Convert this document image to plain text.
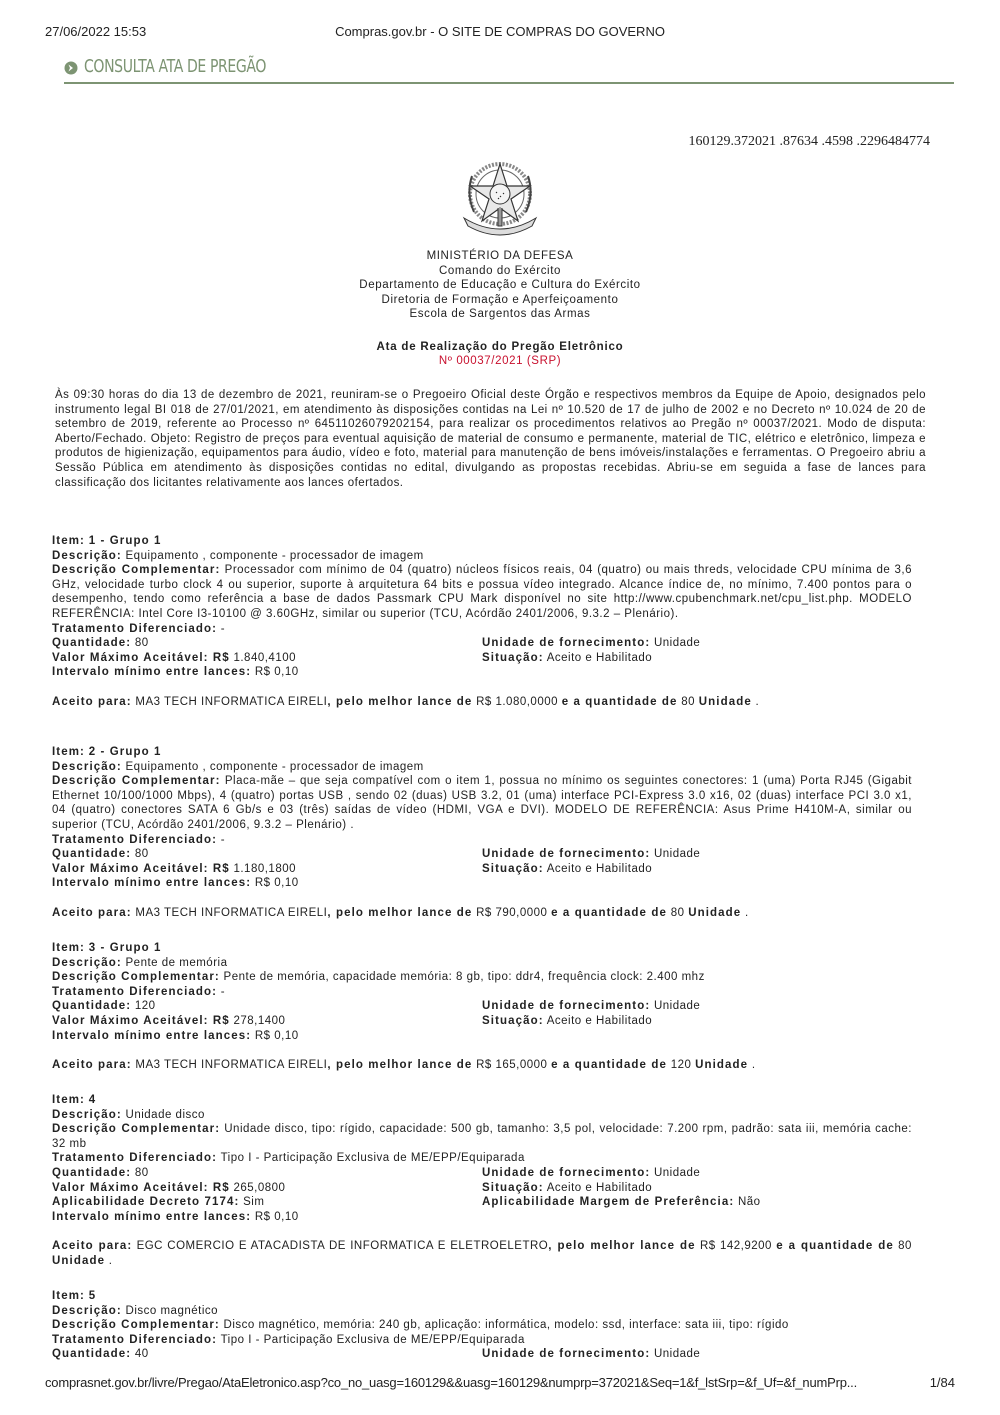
27/06/2022 15:53	Compras.gov.br - O SITE DE COMPRAS DO GOVERNO
CONSULTA ATA DE PREGÃO
160129.372021 .87634 .4598 .2296484774
MINISTÉRIO DA DEFESA
Comando do Exército
Departamento de Educação e Cultura do Exército
Diretoria de Formação e Aperfeiçoamento
Escola de Sargentos das Armas
Ata de Realização do Pregão Eletrônico
Nº 00037/2021 (SRP)
Às 09:30 horas do dia 13 de dezembro de 2021, reuniram-se o Pregoeiro Oficial deste Órgão e respectivos membros da Equipe de Apoio, designados pelo instrumento legal BI 018 de 27/01/2021, em atendimento às disposições contidas na Lei nº 10.520 de 17 de julho de 2002 e no Decreto nº 10.024 de 20 de setembro de 2019, referente ao Processo nº 64511026079202154, para realizar os procedimentos relativos ao Pregão nº 00037/2021. Modo de disputa: Aberto/Fechado. Objeto: Registro de preços para eventual aquisição de material de consumo e permanente, material de TIC, elétrico e eletrônico, limpeza e produtos de higienização, equipamentos para áudio, vídeo e foto, material para manutenção de bens imóveis/instalações e ferramentas. O Pregoeiro abriu a Sessão Pública em atendimento às disposições contidas no edital, divulgando as propostas recebidas. Abriu-se em seguida a fase de lances para classificação dos licitantes relativamente aos lances ofertados.
Item: 1 - Grupo 1
Descrição: Equipamento , componente - processador de imagem
Descrição Complementar: Processador com mínimo de 04 (quatro) núcleos físicos reais, 04 (quatro) ou mais threds, velocidade CPU mínima de 3,6 GHz, velocidade turbo clock 4 ou superior, suporte à arquitetura 64 bits e possua vídeo integrado. Alcance índice de, no mínimo, 7.400 pontos para o desempenho, tendo como referência a base de dados Passmark CPU Mark disponível no site http://www.cpubenchmark.net/cpu_list.php. MODELO REFERÊNCIA: Intel Core I3-10100 @ 3.60GHz, similar ou superior (TCU, Acórdão 2401/2006, 9.3.2 – Plenário).
Tratamento Diferenciado: -
Quantidade: 80	Unidade de fornecimento: Unidade
Valor Máximo Aceitável: R$ 1.840,4100	Situação: Aceito e Habilitado
Intervalo mínimo entre lances: R$ 0,10
Aceito para: MA3 TECH INFORMATICA EIRELI, pelo melhor lance de R$ 1.080,0000 e a quantidade de 80 Unidade .
Item: 2 - Grupo 1
Descrição: Equipamento , componente - processador de imagem
Descrição Complementar: Placa-mãe – que seja compatível com o item 1, possua no mínimo os seguintes conectores: 1 (uma) Porta RJ45 (Gigabit Ethernet 10/100/1000 Mbps), 4 (quatro) portas USB , sendo 02 (duas) USB 3.2, 01 (uma) interface PCI-Express 3.0 x16, 02 (duas) interface PCI 3.0 x1, 04 (quatro) conectores SATA 6 Gb/s e 03 (três) saídas de vídeo (HDMI, VGA e DVI). MODELO DE REFERÊNCIA: Asus Prime H410M-A, similar ou superior (TCU, Acórdão 2401/2006, 9.3.2 – Plenário) .
Tratamento Diferenciado: -
Quantidade: 80	Unidade de fornecimento: Unidade
Valor Máximo Aceitável: R$ 1.180,1800	Situação: Aceito e Habilitado
Intervalo mínimo entre lances: R$ 0,10
Aceito para: MA3 TECH INFORMATICA EIRELI, pelo melhor lance de R$ 790,0000 e a quantidade de 80 Unidade .
Item: 3 - Grupo 1
Descrição: Pente de memória
Descrição Complementar: Pente de memória, capacidade memória: 8 gb, tipo: ddr4, frequência clock: 2.400 mhz
Tratamento Diferenciado: -
Quantidade: 120	Unidade de fornecimento: Unidade
Valor Máximo Aceitável: R$ 278,1400	Situação: Aceito e Habilitado
Intervalo mínimo entre lances: R$ 0,10
Aceito para: MA3 TECH INFORMATICA EIRELI, pelo melhor lance de R$ 165,0000 e a quantidade de 120 Unidade .
Item: 4
Descrição: Unidade disco
Descrição Complementar: Unidade disco, tipo: rígido, capacidade: 500 gb, tamanho: 3,5 pol, velocidade: 7.200 rpm, padrão: sata iii, memória cache: 32 mb
Tratamento Diferenciado: Tipo I - Participação Exclusiva de ME/EPP/Equiparada
Quantidade: 80	Unidade de fornecimento: Unidade
Valor Máximo Aceitável: R$ 265,0800	Situação: Aceito e Habilitado
Aplicabilidade Decreto 7174: Sim	Aplicabilidade Margem de Preferência: Não
Intervalo mínimo entre lances: R$ 0,10
Aceito para: EGC COMERCIO E ATACADISTA DE INFORMATICA E ELETROELETRO, pelo melhor lance de R$ 142,9200 e a quantidade de 80 Unidade .
Item: 5
Descrição: Disco magnético
Descrição Complementar: Disco magnético, memória: 240 gb, aplicação: informática, modelo: ssd, interface: sata iii, tipo: rígido
Tratamento Diferenciado: Tipo I - Participação Exclusiva de ME/EPP/Equiparada
Quantidade: 40	Unidade de fornecimento: Unidade
comprasnet.gov.br/livre/Pregao/AtaEletronico.asp?co_no_uasg=160129&&uasg=160129&numprp=372021&Seq=1&f_lstSrp=&f_Uf=&f_numPrp...	1/84
